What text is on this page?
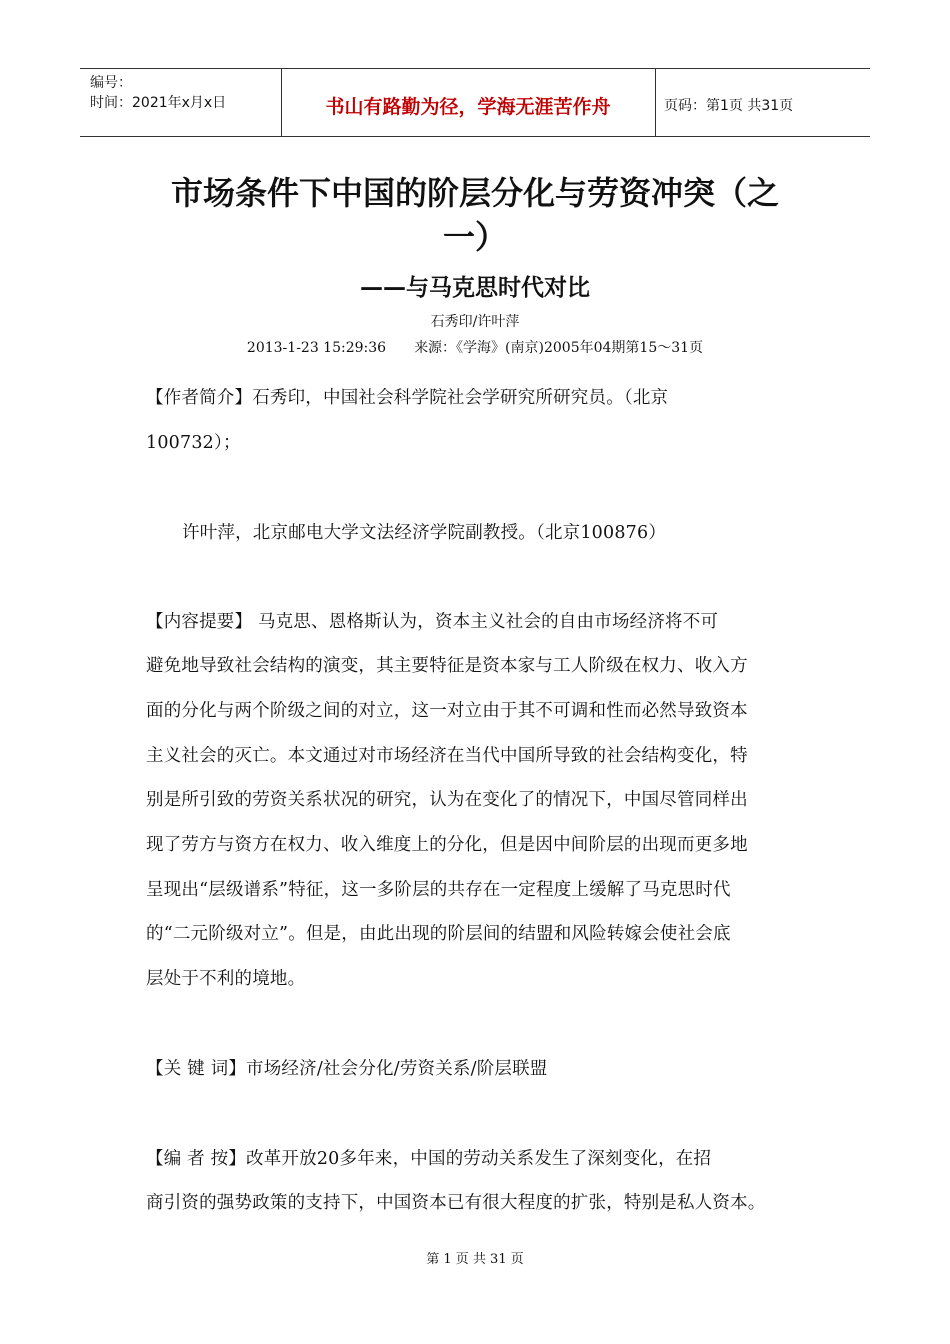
编号：
时间：2021年x月x日	书山有路勤为径，学海无涯苦作舟	页码：第1页 共31页
市场条件下中国的阶层分化与劳资冲突（之
一）
——与马克思时代对比
石秀印/许叶萍
2013-1-23 15:29:36 来源：《学海》(南京)2005年04期第15～31页
【作者简介】石秀印，中国社会科学院社会学研究所研究员。（北京
100732）；
许叶萍，北京邮电大学文法经济学院副教授。（北京100876）
【内容提要】 马克思、恩格斯认为，资本主义社会的自由市场经济将不可
避免地导致社会结构的演变，其主要特征是资本家与工人阶级在权力、收入方
面的分化与两个阶级之间的对立，这一对立由于其不可调和性而必然导致资本
主义社会的灭亡。本文通过对市场经济在当代中国所导致的社会结构变化，特
别是所引致的劳资关系状况的研究，认为在变化了的情况下，中国尽管同样出
现了劳方与资方在权力、收入维度上的分化，但是因中间阶层的出现而更多地
呈现出“层级谱系”特征，这一多阶层的共存在一定程度上缓解了马克思时代
的“二元阶级对立”。但是，由此出现的阶层间的结盟和风险转嫁会使社会底
层处于不利的境地。
【关 键 词】市场经济/社会分化/劳资关系/阶层联盟
【编 者 按】改革开放20多年来，中国的劳动关系发生了深刻变化，在招
商引资的强势政策的支持下，中国资本已有很大程度的扩张，特别是私人资本。
第 1 页 共 31 页
